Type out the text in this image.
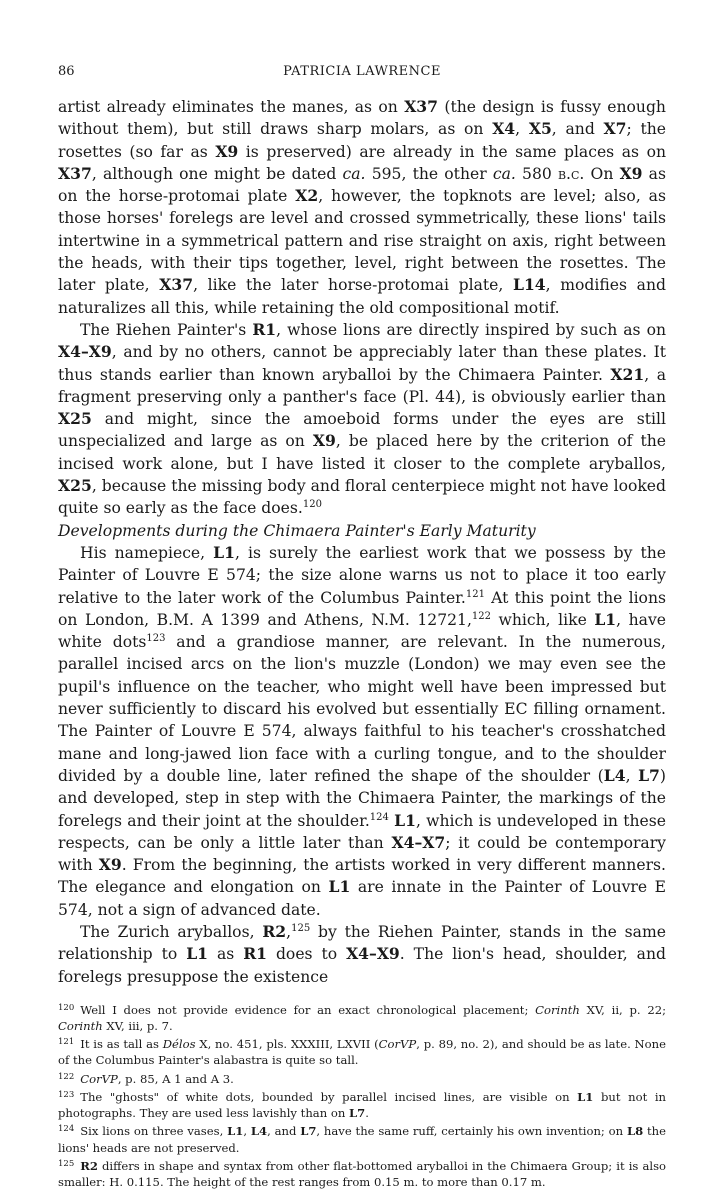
86	PATRICIA LAWRENCE

artist already eliminates the manes, as on X37 (the design is fussy enough without them), but still draws sharp molars, as on X4, X5, and X7; the rosettes (so far as X9 is preserved) are already in the same places as on X37, although one might be dated ca. 595, the other ca. 580 b.c. On X9 as on the horse-protomai plate X2, however, the topknots are level; also, as those horses' forelegs are level and crossed symmetrically, these lions' tails intertwine in a symmetrical pattern and rise straight on axis, right between the heads, with their tips together, level, right between the rosettes. The later plate, X37, like the later horse-protomai plate, L14, modifies and naturalizes all this, while retaining the old compositional motif.

The Riehen Painter's R1, whose lions are directly inspired by such as on X4–X9, and by no others, cannot be appreciably later than these plates. It thus stands earlier than known aryballoi by the Chimaera Painter. X21, a fragment preserving only a panther's face (Pl. 44), is obviously earlier than X25 and might, since the amoeboid forms under the eyes are still unspecialized and large as on X9, be placed here by the criterion of the incised work alone, but I have listed it closer to the complete aryballos, X25, because the missing body and floral centerpiece might not have looked quite so early as the face does.$^{120}$

Developments during the Chimaera Painter's Early Maturity

His namepiece, L1, is surely the earliest work that we possess by the Painter of Louvre E 574; the size alone warns us not to place it too early relative to the later work of the Columbus Painter.$^{121}$ At this point the lions on London, B.M. A 1399 and Athens, N.M. 12721,$^{122}$ which, like L1, have white dots$^{123}$ and a grandiose manner, are relevant. In the numerous, parallel incised arcs on the lion's muzzle (London) we may even see the pupil's influence on the teacher, who might well have been impressed but never sufficiently to discard his evolved but essentially EC filling ornament. The Painter of Louvre E 574, always faithful to his teacher's crosshatched mane and long-jawed lion face with a curling tongue, and to the shoulder divided by a double line, later refined the shape of the shoulder (L4, L7) and developed, step in step with the Chimaera Painter, the markings of the forelegs and their joint at the shoulder.$^{124}$ L1, which is undeveloped in these respects, can be only a little later than X4–X7; it could be contemporary with X9. From the beginning, the artists worked in very different manners. The elegance and elongation on L1 are innate in the Painter of Louvre E 574, not a sign of advanced date.

The Zurich aryballos, R2,$^{125}$ by the Riehen Painter, stands in the same relationship to L1 as R1 does to X4–X9. The lion's head, shoulder, and forelegs presuppose the existence

$^{120}$ Well I does not provide evidence for an exact chronological placement; Corinth XV, ii, p. 22; Corinth XV, iii, p. 7.

$^{121}$ It is as tall as Délos X, no. 451, pls. XXXIII, LXVII (CorVP, p. 89, no. 2), and should be as late. None of the Columbus Painter's alabastra is quite so tall.

$^{122}$ CorVP, p. 85, A 1 and A 3.

$^{123}$ The "ghosts" of white dots, bounded by parallel incised lines, are visible on L1 but not in photographs. They are used less lavishly than on L7.

$^{124}$ Six lions on three vases, L1, L4, and L7, have the same ruff, certainly his own invention; on L8 the lions' heads are not preserved.

$^{125}$ R2 differs in shape and syntax from other flat-bottomed aryballoi in the Chimaera Group; it is also smaller: H. 0.115. The height of the rest ranges from 0.15 m. to more than 0.17 m.
